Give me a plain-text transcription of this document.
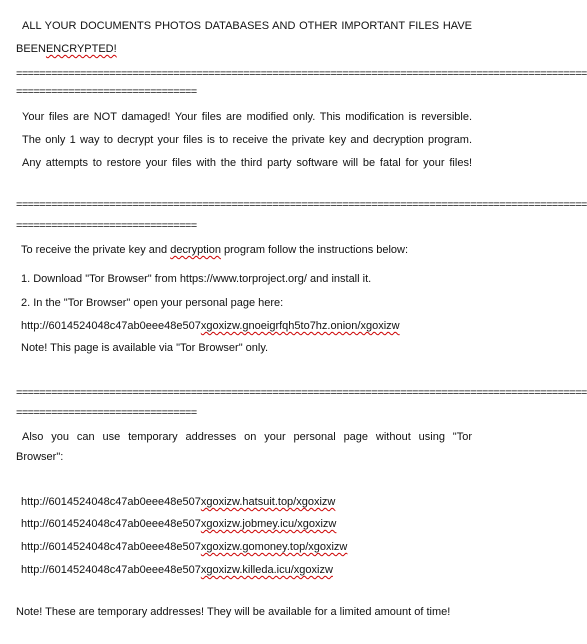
ALL YOUR DOCUMENTS PHOTOS DATABASES AND OTHER IMPORTANT FILES HAVE
BEENENCRYPTED!
==================================================================================================
===============================
Your files are NOT damaged! Your files are modified only. This modification is reversible.
The only 1 way to decrypt your files is to receive the private key and decryption program.
Any attempts to restore your files with the third party software will be fatal for your files!
==================================================================================================
===============================
To receive the private key and decryption program follow the instructions below:
1. Download "Tor Browser" from https://www.torproject.org/ and install it.
2. In the "Tor Browser" open your personal page here:
http://6014524048c47ab0eee48e507xgoxizw.gnoeigrfqh5to7hz.onion/xgoxizw
Note! This page is available via "Tor Browser" only.
==================================================================================================
===============================
Also you can use temporary addresses on your personal page without using "Tor
Browser":
http://6014524048c47ab0eee48e507xgoxizw.hatsuit.top/xgoxizw
http://6014524048c47ab0eee48e507xgoxizw.jobmey.icu/xgoxizw
http://6014524048c47ab0eee48e507xgoxizw.gomoney.top/xgoxizw
http://6014524048c47ab0eee48e507xgoxizw.killeda.icu/xgoxizw
Note! These are temporary addresses! They will be available for a limited amount of time!
